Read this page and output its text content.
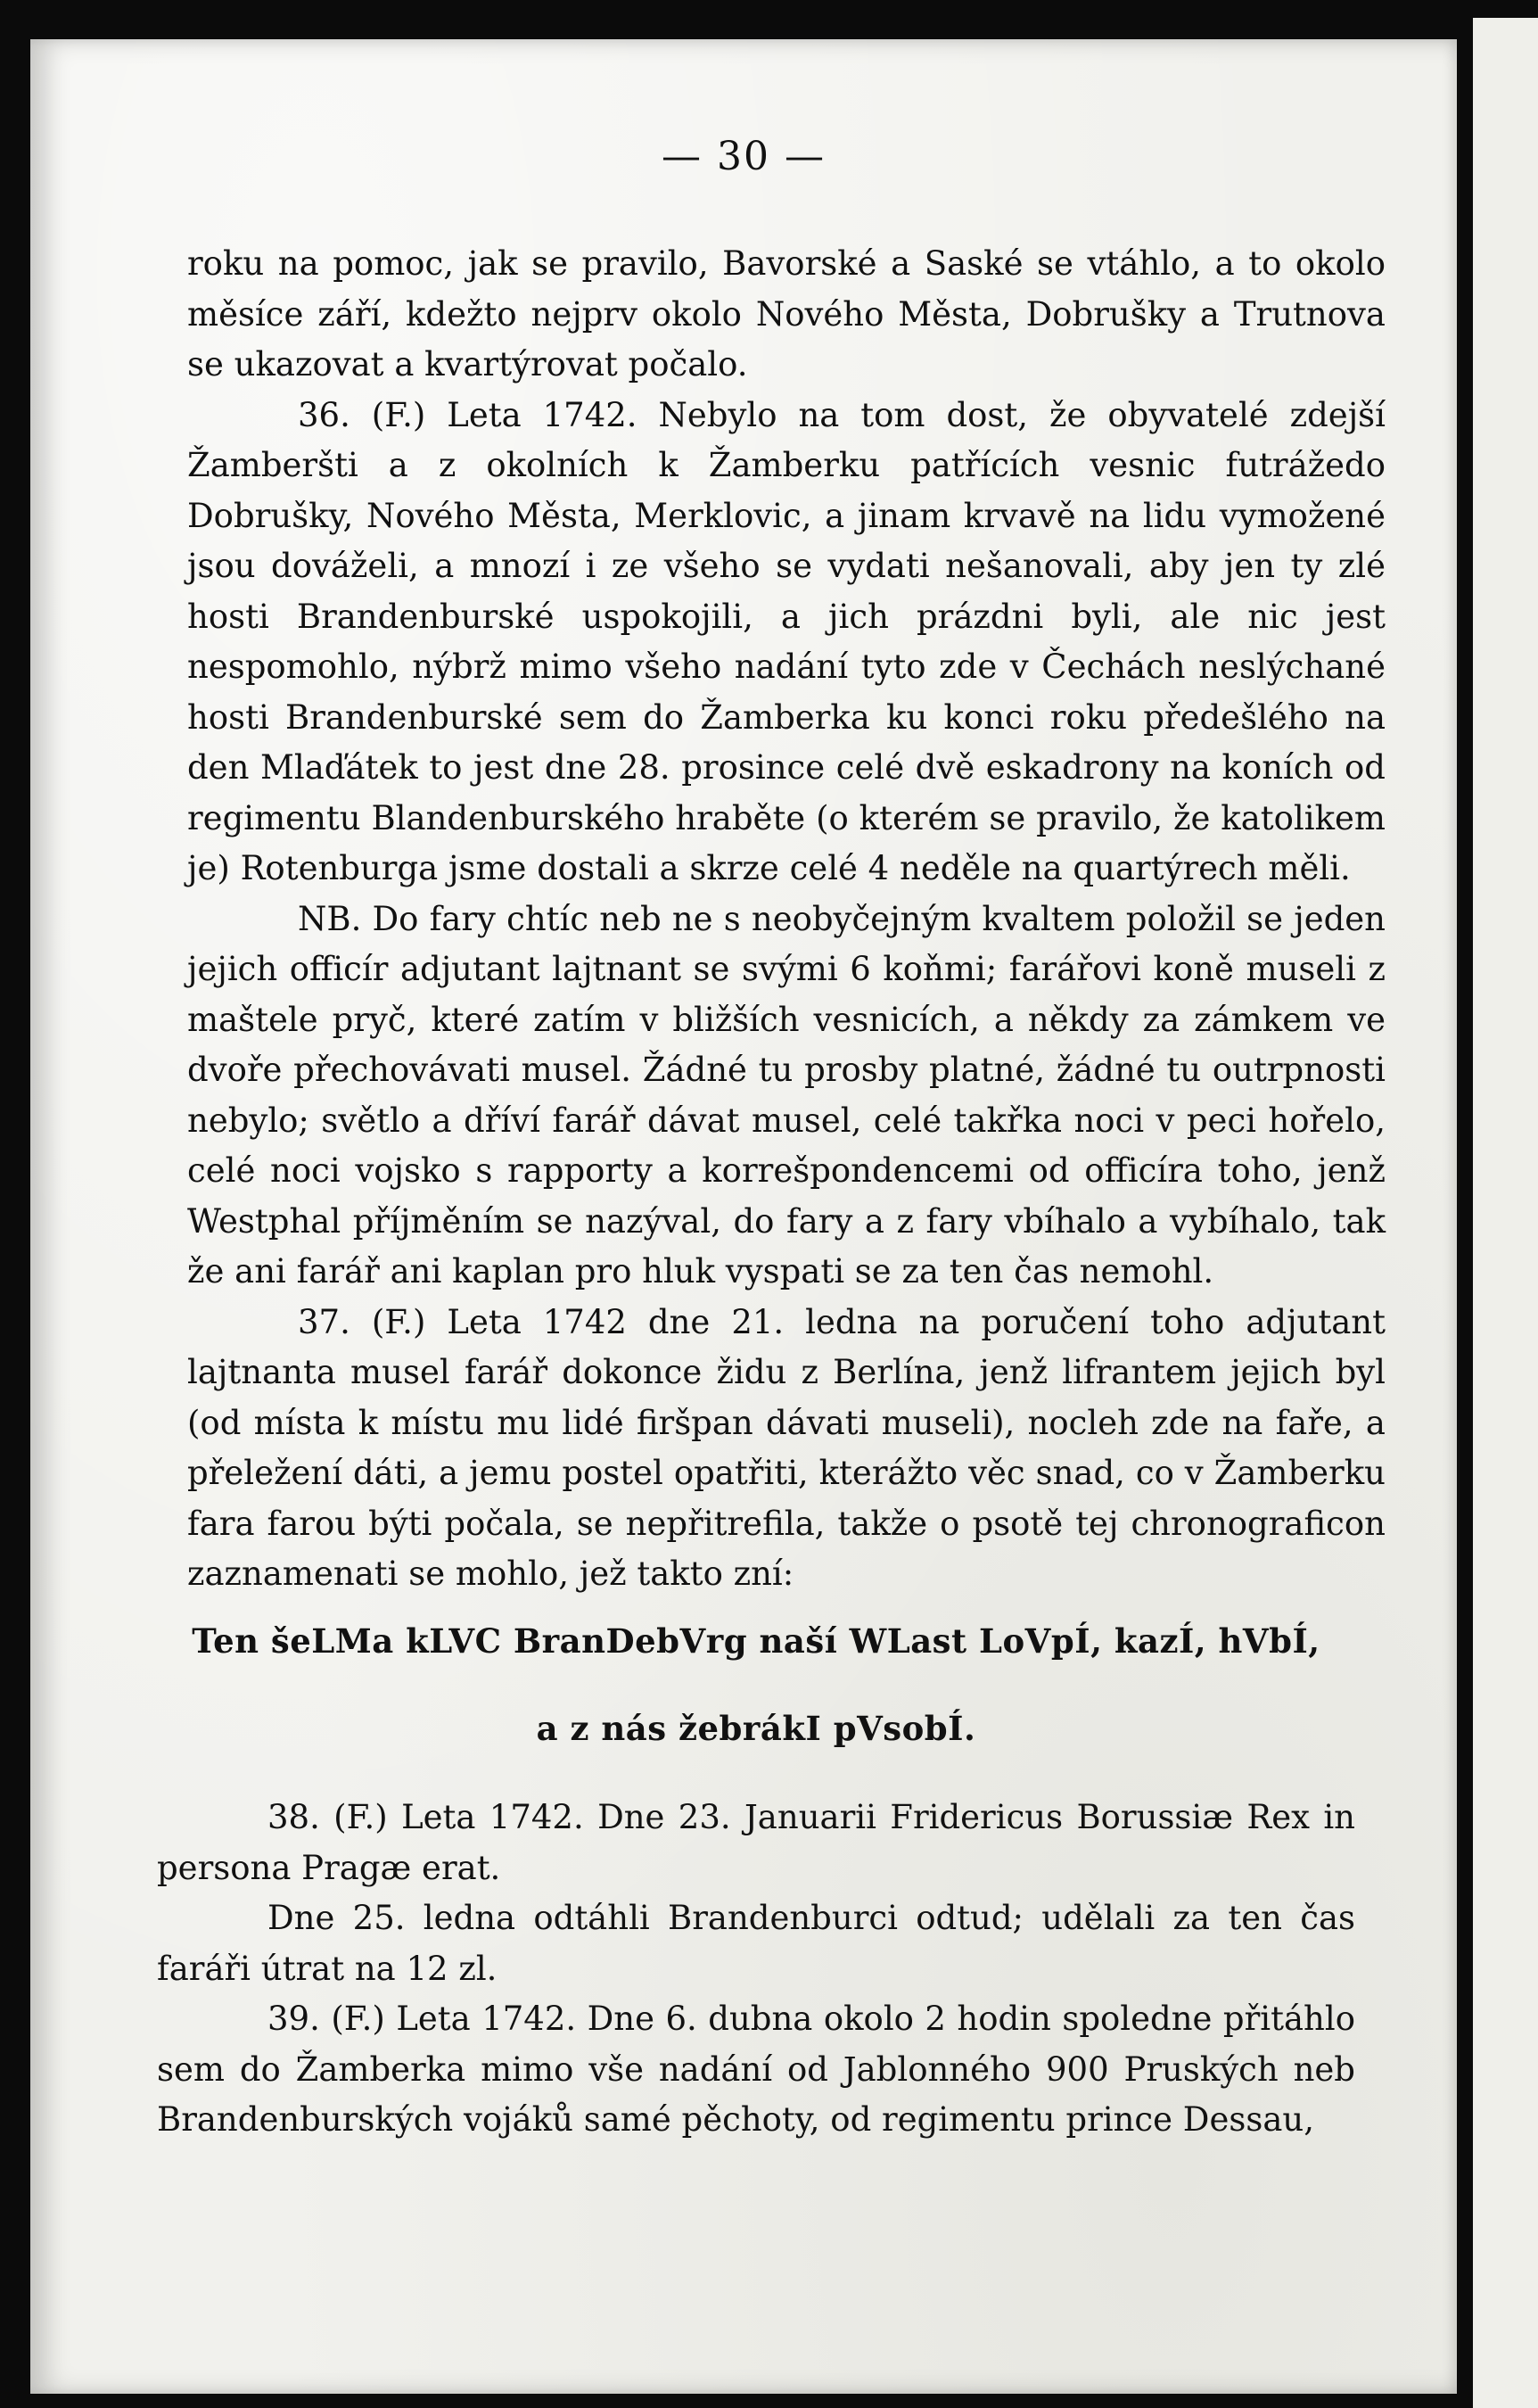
— 30 —

roku na pomoc, jak se pravilo, Bavorské a Saské se vtáhlo, a to okolo měsíce září, kdežto nejprv okolo Nového Města, Dobrušky a Trutnova se ukazovat a kvartýrovat počalo.

36. (F.) Leta 1742. Nebylo na tom dost, že obyvatelé zdejší Žamberšti a z okolních k Žamberku patřících vesnic futrážedo Dobrušky, Nového Města, Merklovic, a jinam krvavě na lidu vymožené jsou dováželi, a mnozí i ze všeho se vydati nešanovali, aby jen ty zlé hosti Brandenburské uspokojili, a jich prázdni byli, ale nic jest nespomohlo, nýbrž mimo všeho nadání tyto zde v Čechách neslýchané hosti Brandenburské sem do Žamberka ku konci roku předešlého na den Mlaďátek to jest dne 28. prosince celé dvě eskadrony na koních od regimentu Blandenburského hraběte (o kterém se pravilo, že katolikem je) Rotenburga jsme dostali a skrze celé 4 neděle na quartýrech měli.

NB. Do fary chtíc neb ne s neobyčejným kvaltem položil se jeden jejich officír adjutant lajtnant se svými 6 koňmi; farářovi koně museli z maštele pryč, které zatím v bližších vesnicích, a někdy za zámkem ve dvoře přechovávati musel. Žádné tu prosby platné, žádné tu outrpnosti nebylo; světlo a dříví farář dávat musel, celé takřka noci v peci hořelo, celé noci vojsko s rapporty a korrešpondencemi od officíra toho, jenž Westphal příjměním se nazýval, do fary a z fary vbíhalo a vybíhalo, tak že ani farář ani kaplan pro hluk vyspati se za ten čas nemohl.

37. (F.) Leta 1742 dne 21. ledna na poručení toho adjutant lajtnanta musel farář dokonce židu z Berlína, jenž lifrantem jejich byl (od místa k místu mu lidé firšpan dávati museli), nocleh zde na faře, a přeležení dáti, a jemu postel opatřiti, kterážto věc snad, co v Žamberku fara farou býti počala, se nepřitrefila, takže o psotě tej chronograficon zaznamenati se mohlo, jež takto zní:

Ten šeLMa kLVC BranDebVrg naší WLast LoVpÍ, kazÍ, hVbÍ,
a z nás žebrákI pVsobÍ.

38. (F.) Leta 1742. Dne 23. Januarii Fridericus Borussiæ Rex in persona Pragæ erat.

Dne 25. ledna odtáhli Brandenburci odtud; udělali za ten čas faráři útrat na 12 zl.

39. (F.) Leta 1742. Dne 6. dubna okolo 2 hodin spoledne přitáhlo sem do Žamberka mimo vše nadání od Jablonného 900 Pruských neb Brandenburských vojáků samé pěchoty, od regimentu prince Dessau,
